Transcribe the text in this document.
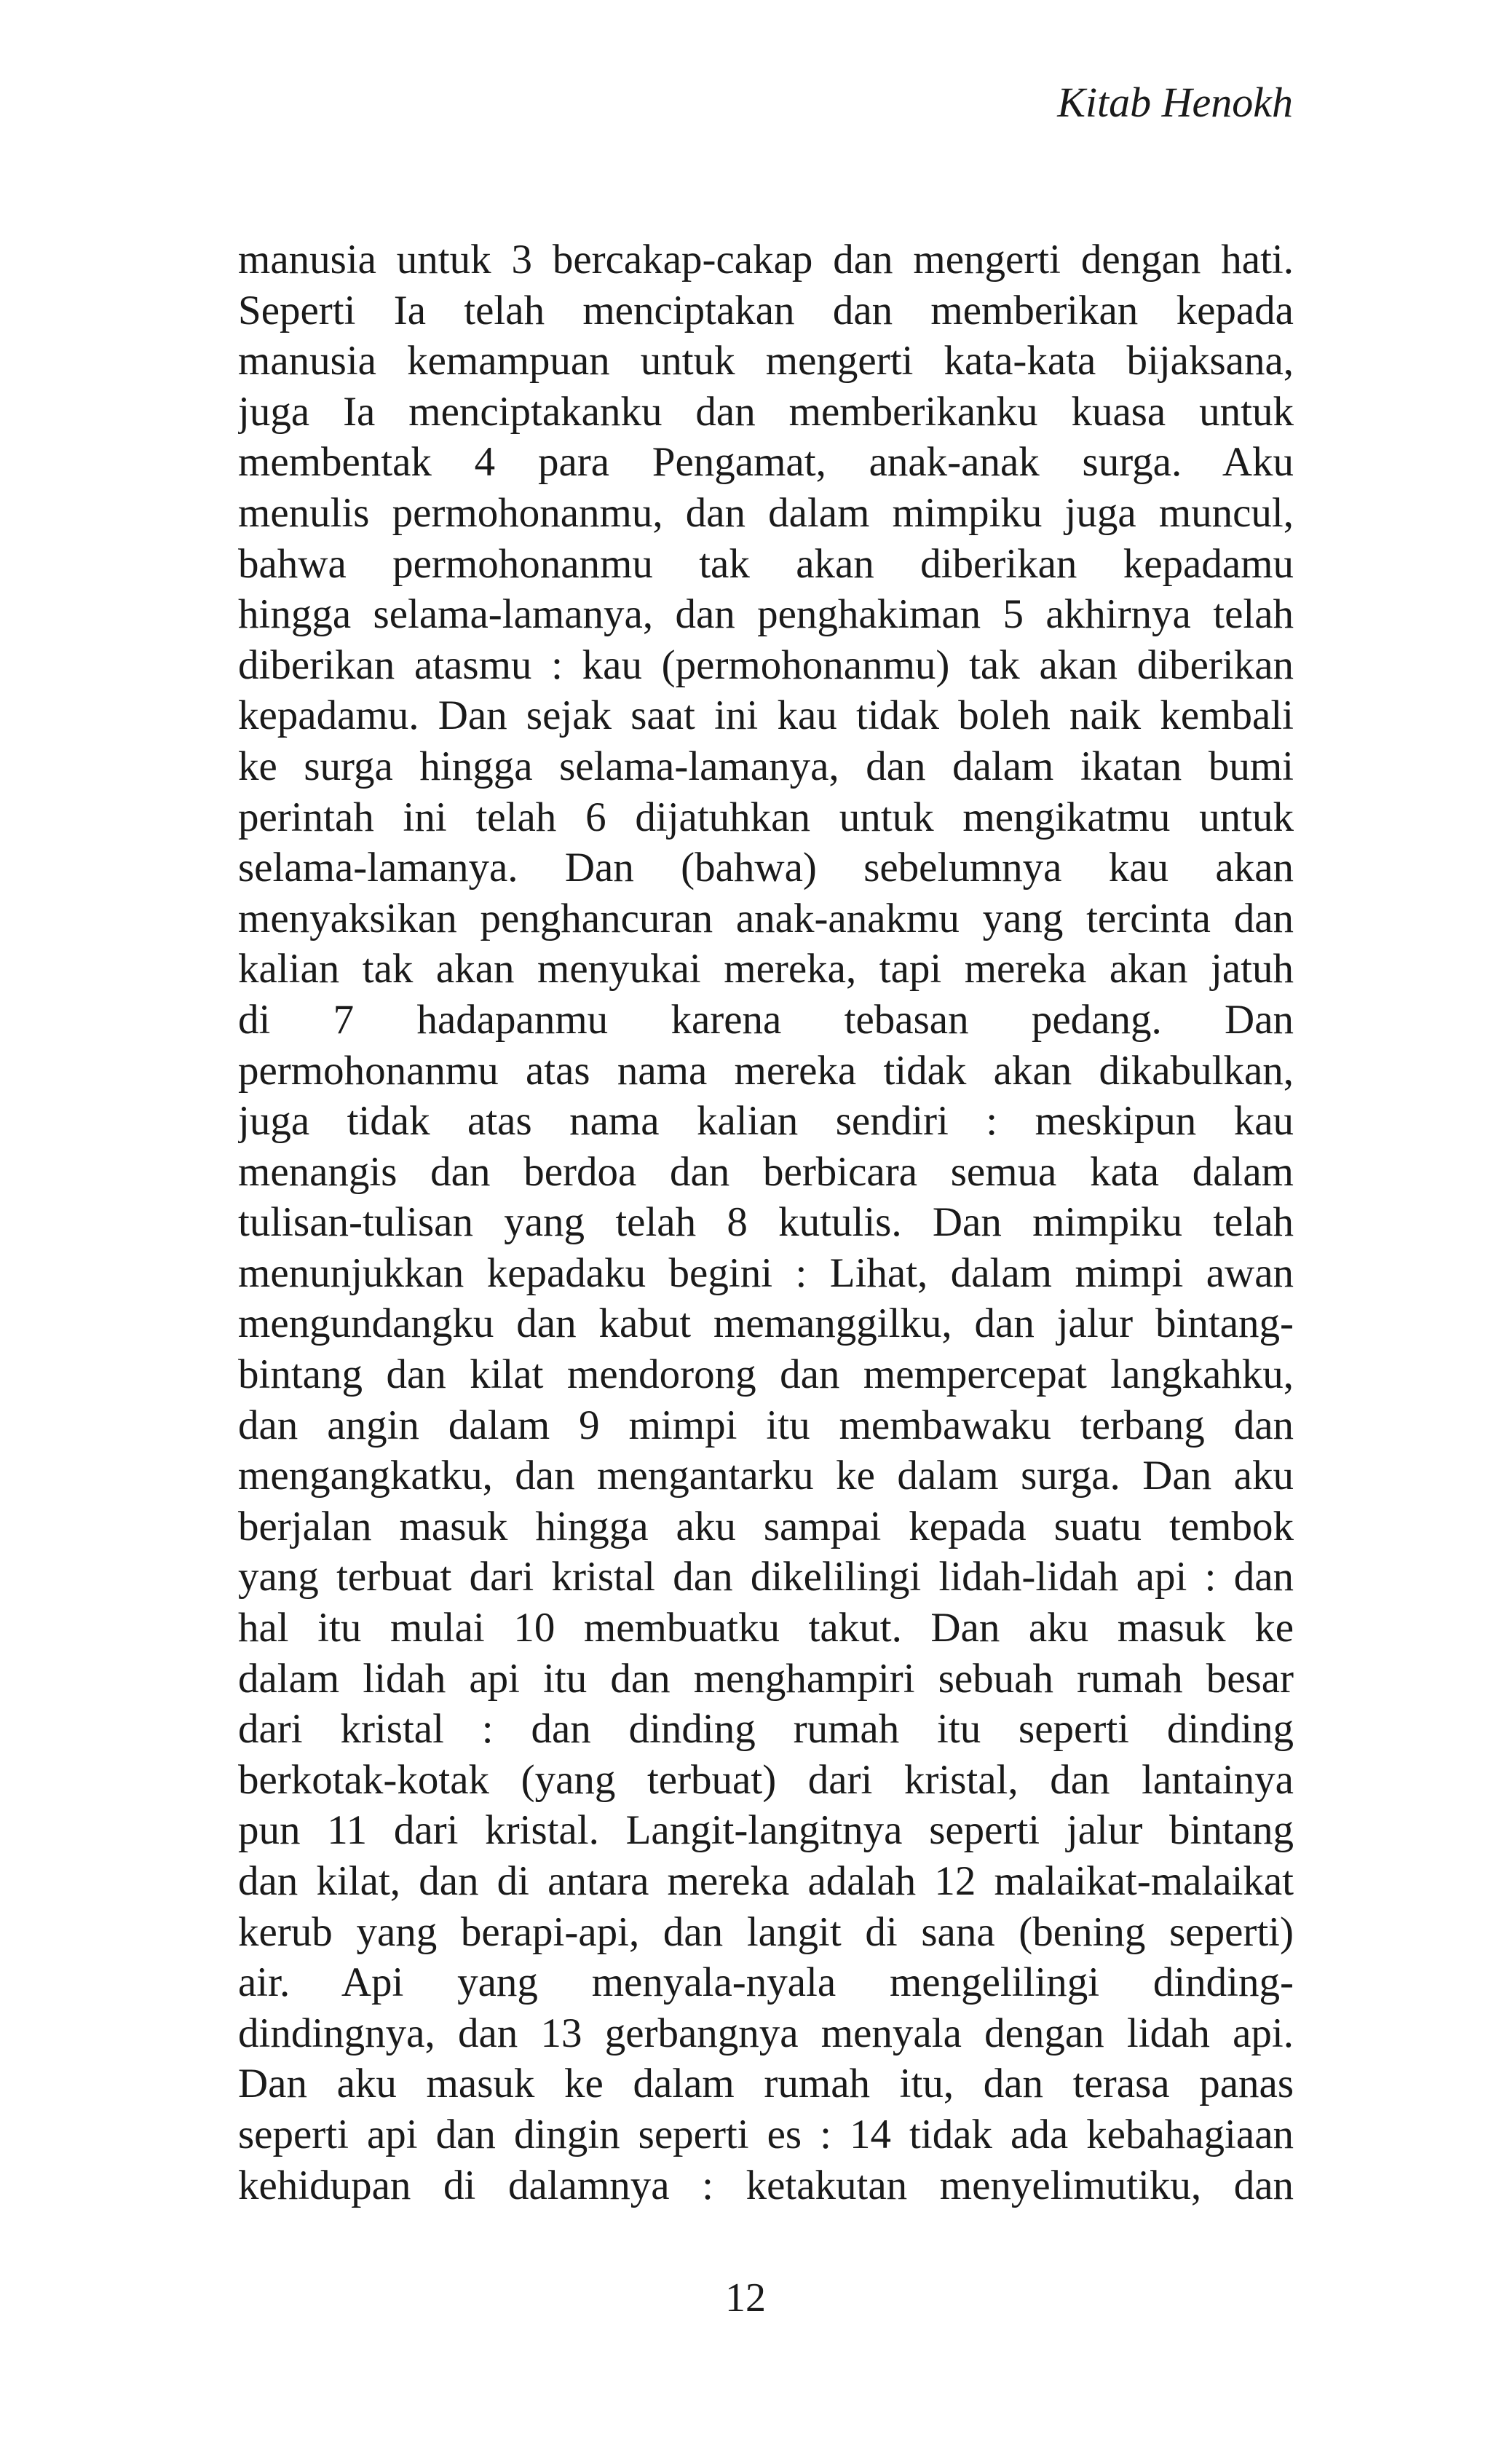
Kitab Henokh
manusia untuk 3 bercakap-cakap dan mengerti dengan hati.
Seperti Ia telah menciptakan dan memberikan kepada
manusia kemampuan untuk mengerti kata-kata bijaksana,
juga Ia menciptakanku dan memberikanku kuasa untuk
membentak 4 para Pengamat, anak-anak surga. Aku
menulis permohonanmu, dan dalam mimpiku juga muncul,
bahwa permohonanmu tak akan diberikan kepadamu
hingga selama-lamanya, dan penghakiman 5 akhirnya telah
diberikan atasmu : kau (permohonanmu) tak akan diberikan
kepadamu. Dan sejak saat ini kau tidak boleh naik kembali
ke surga hingga selama-lamanya, dan dalam ikatan bumi
perintah ini telah 6 dijatuhkan untuk mengikatmu untuk
selama-lamanya. Dan (bahwa) sebelumnya kau akan
menyaksikan penghancuran anak-anakmu yang tercinta dan
kalian tak akan menyukai mereka, tapi mereka akan jatuh
di 7 hadapanmu karena tebasan pedang. Dan
permohonanmu atas nama mereka tidak akan dikabulkan,
juga tidak atas nama kalian sendiri : meskipun kau
menangis dan berdoa dan berbicara semua kata dalam
tulisan-tulisan yang telah 8 kutulis. Dan mimpiku telah
menunjukkan kepadaku begini : Lihat, dalam mimpi awan
mengundangku dan kabut memanggilku, dan jalur bintang-
bintang dan kilat mendorong dan mempercepat langkahku,
dan angin dalam 9 mimpi itu membawaku terbang dan
mengangkatku, dan mengantarku ke dalam surga. Dan aku
berjalan masuk hingga aku sampai kepada suatu tembok
yang terbuat dari kristal dan dikelilingi lidah-lidah api : dan
hal itu mulai 10 membuatku takut. Dan aku masuk ke
dalam lidah api itu dan menghampiri sebuah rumah besar
dari kristal : dan dinding rumah itu seperti dinding
berkotak-kotak (yang terbuat) dari kristal, dan lantainya
pun 11 dari kristal. Langit-langitnya seperti jalur bintang
dan kilat, dan di antara mereka adalah 12 malaikat-malaikat
kerub yang berapi-api, dan langit di sana (bening seperti)
air. Api yang menyala-nyala mengelilingi dinding-
dindingnya, dan 13 gerbangnya menyala dengan lidah api.
Dan aku masuk ke dalam rumah itu, dan terasa panas
seperti api dan dingin seperti es : 14 tidak ada kebahagiaan
kehidupan di dalamnya : ketakutan menyelimutiku, dan
12
